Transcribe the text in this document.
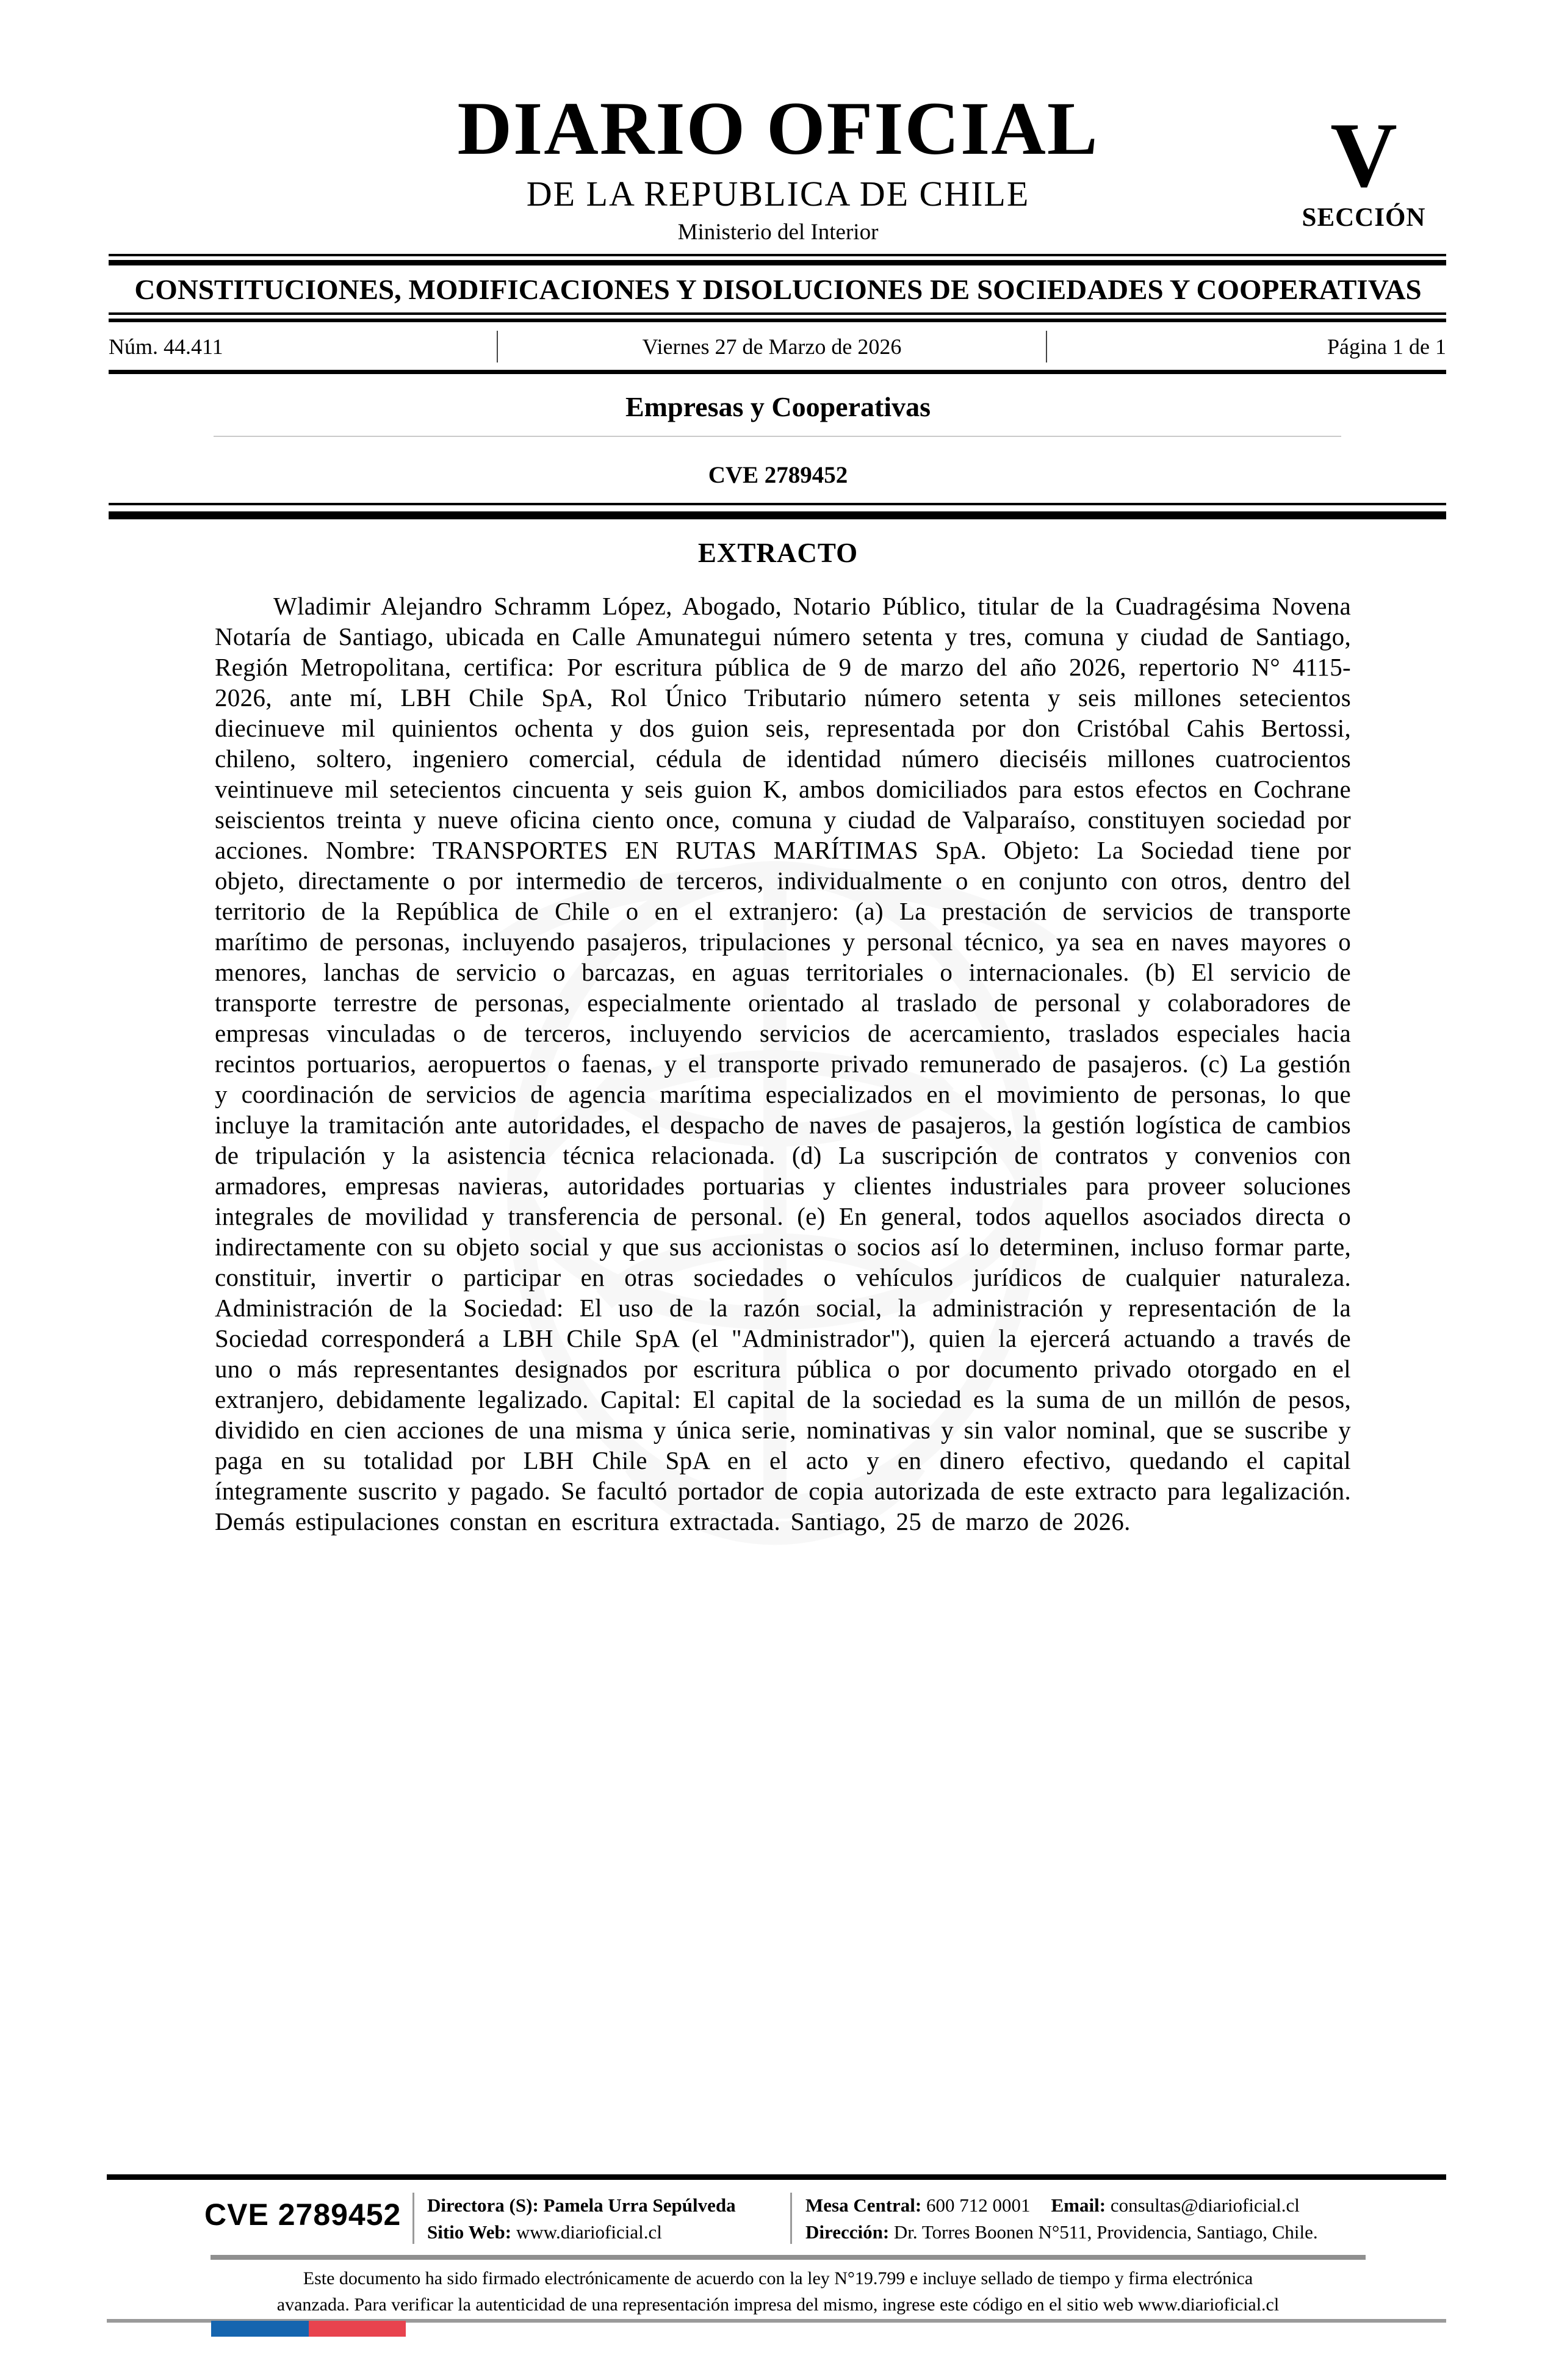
DIARIO OFICIAL
DE LA REPUBLICA DE CHILE
Ministerio del Interior
V
SECCIÓN
CONSTITUCIONES, MODIFICACIONES Y DISOLUCIONES DE SOCIEDADES Y COOPERATIVAS
Núm. 44.411	Viernes 27 de Marzo de 2026	Página 1 de 1
Empresas y Cooperativas
CVE 2789452
EXTRACTO
Wladimir Alejandro Schramm López, Abogado, Notario Público, titular de la Cuadragésima Novena Notaría de Santiago, ubicada en Calle Amunategui número setenta y tres, comuna y ciudad de Santiago, Región Metropolitana, certifica: Por escritura pública de 9 de marzo del año 2026, repertorio N° 4115-2026, ante mí, LBH Chile SpA, Rol Único Tributario número setenta y seis millones setecientos diecinueve mil quinientos ochenta y dos guion seis, representada por don Cristóbal Cahis Bertossi, chileno, soltero, ingeniero comercial, cédula de identidad número dieciséis millones cuatrocientos veintinueve mil setecientos cincuenta y seis guion K, ambos domiciliados para estos efectos en Cochrane seiscientos treinta y nueve oficina ciento once, comuna y ciudad de Valparaíso, constituyen sociedad por acciones. Nombre: TRANSPORTES EN RUTAS MARÍTIMAS SpA. Objeto: La Sociedad tiene por objeto, directamente o por intermedio de terceros, individualmente o en conjunto con otros, dentro del territorio de la República de Chile o en el extranjero: (a) La prestación de servicios de transporte marítimo de personas, incluyendo pasajeros, tripulaciones y personal técnico, ya sea en naves mayores o menores, lanchas de servicio o barcazas, en aguas territoriales o internacionales. (b) El servicio de transporte terrestre de personas, especialmente orientado al traslado de personal y colaboradores de empresas vinculadas o de terceros, incluyendo servicios de acercamiento, traslados especiales hacia recintos portuarios, aeropuertos o faenas, y el transporte privado remunerado de pasajeros. (c) La gestión y coordinación de servicios de agencia marítima especializados en el movimiento de personas, lo que incluye la tramitación ante autoridades, el despacho de naves de pasajeros, la gestión logística de cambios de tripulación y la asistencia técnica relacionada. (d) La suscripción de contratos y convenios con armadores, empresas navieras, autoridades portuarias y clientes industriales para proveer soluciones integrales de movilidad y transferencia de personal. (e) En general, todos aquellos asociados directa o indirectamente con su objeto social y que sus accionistas o socios así lo determinen, incluso formar parte, constituir, invertir o participar en otras sociedades o vehículos jurídicos de cualquier naturaleza. Administración de la Sociedad: El uso de la razón social, la administración y representación de la Sociedad corresponderá a LBH Chile SpA (el "Administrador"), quien la ejercerá actuando a través de uno o más representantes designados por escritura pública o por documento privado otorgado en el extranjero, debidamente legalizado. Capital: El capital de la sociedad es la suma de un millón de pesos, dividido en cien acciones de una misma y única serie, nominativas y sin valor nominal, que se suscribe y paga en su totalidad por LBH Chile SpA en el acto y en dinero efectivo, quedando el capital íntegramente suscrito y pagado. Se facultó portador de copia autorizada de este extracto para legalización. Demás estipulaciones constan en escritura extractada. Santiago, 25 de marzo de 2026.
CVE 2789452 Directora (S): Pamela Urra Sepúlveda
Sitio Web: www.diarioficial.cl
Mesa Central: 600 712 0001 Email: consultas@diarioficial.cl
Dirección: Dr. Torres Boonen N°511, Providencia, Santiago, Chile.
Este documento ha sido firmado electrónicamente de acuerdo con la ley N°19.799 e incluye sellado de tiempo y firma electrónica
avanzada. Para verificar la autenticidad de una representación impresa del mismo, ingrese este código en el sitio web www.diarioficial.cl
